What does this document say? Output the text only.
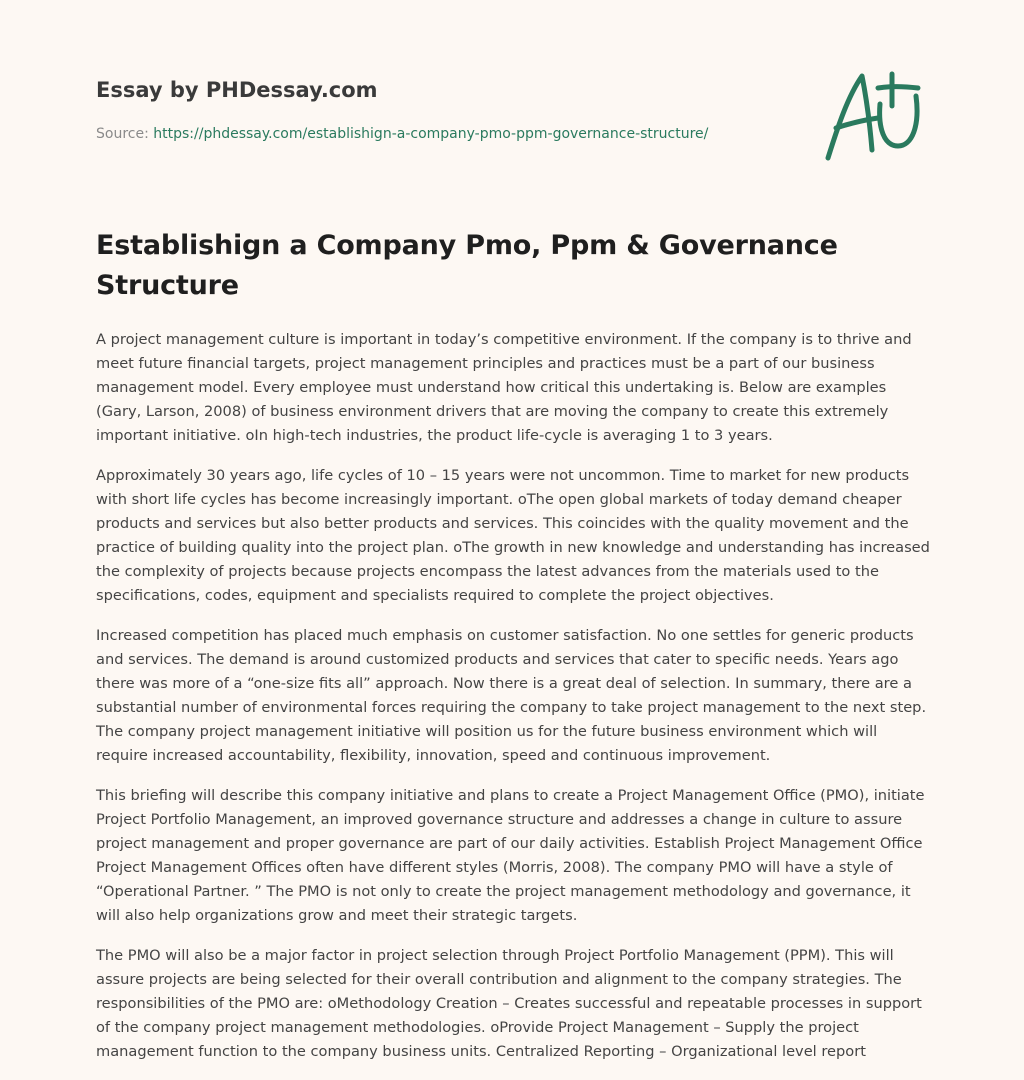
Essay by PHDessay.com

Source: https://phdessay.com/establishign-a-company-pmo-ppm-governance-structure/
Establishign a Company Pmo, Ppm & Governance Structure

A project management culture is important in today’s competitive environment. If the company is to thrive and meet future financial targets, project management principles and practices must be a part of our business management model. Every employee must understand how critical this undertaking is. Below are examples (Gary, Larson, 2008) of business environment drivers that are moving the company to create this extremely important initiative. oIn high-tech industries, the product life-cycle is averaging 1 to 3 years.

Approximately 30 years ago, life cycles of 10 – 15 years were not uncommon. Time to market for new products with short life cycles has become increasingly important. oThe open global markets of today demand cheaper products and services but also better products and services. This coincides with the quality movement and the practice of building quality into the project plan. oThe growth in new knowledge and understanding has increased the complexity of projects because projects encompass the latest advances from the materials used to the specifications, codes, equipment and specialists required to complete the project objectives.

Increased competition has placed much emphasis on customer satisfaction. No one settles for generic products and services. The demand is around customized products and services that cater to specific needs. Years ago there was more of a “one-size fits all” approach. Now there is a great deal of selection. In summary, there are a substantial number of environmental forces requiring the company to take project management to the next step. The company project management initiative will position us for the future business environment which will require increased accountability, flexibility, innovation, speed and continuous improvement.

This briefing will describe this company initiative and plans to create a Project Management Office (PMO), initiate Project Portfolio Management, an improved governance structure and addresses a change in culture to assure project management and proper governance are part of our daily activities. Establish Project Management Office Project Management Offices often have different styles (Morris, 2008). The company PMO will have a style of “Operational Partner. ” The PMO is not only to create the project management methodology and governance, it will also help organizations grow and meet their strategic targets.

The PMO will also be a major factor in project selection through Project Portfolio Management (PPM). This will assure projects are being selected for their overall contribution and alignment to the company strategies. The responsibilities of the PMO are: oMethodology Creation – Creates successful and repeatable processes in support of the company project management methodologies. oProvide Project Management – Supply the project management function to the company business units. Centralized Reporting – Organizational level report
